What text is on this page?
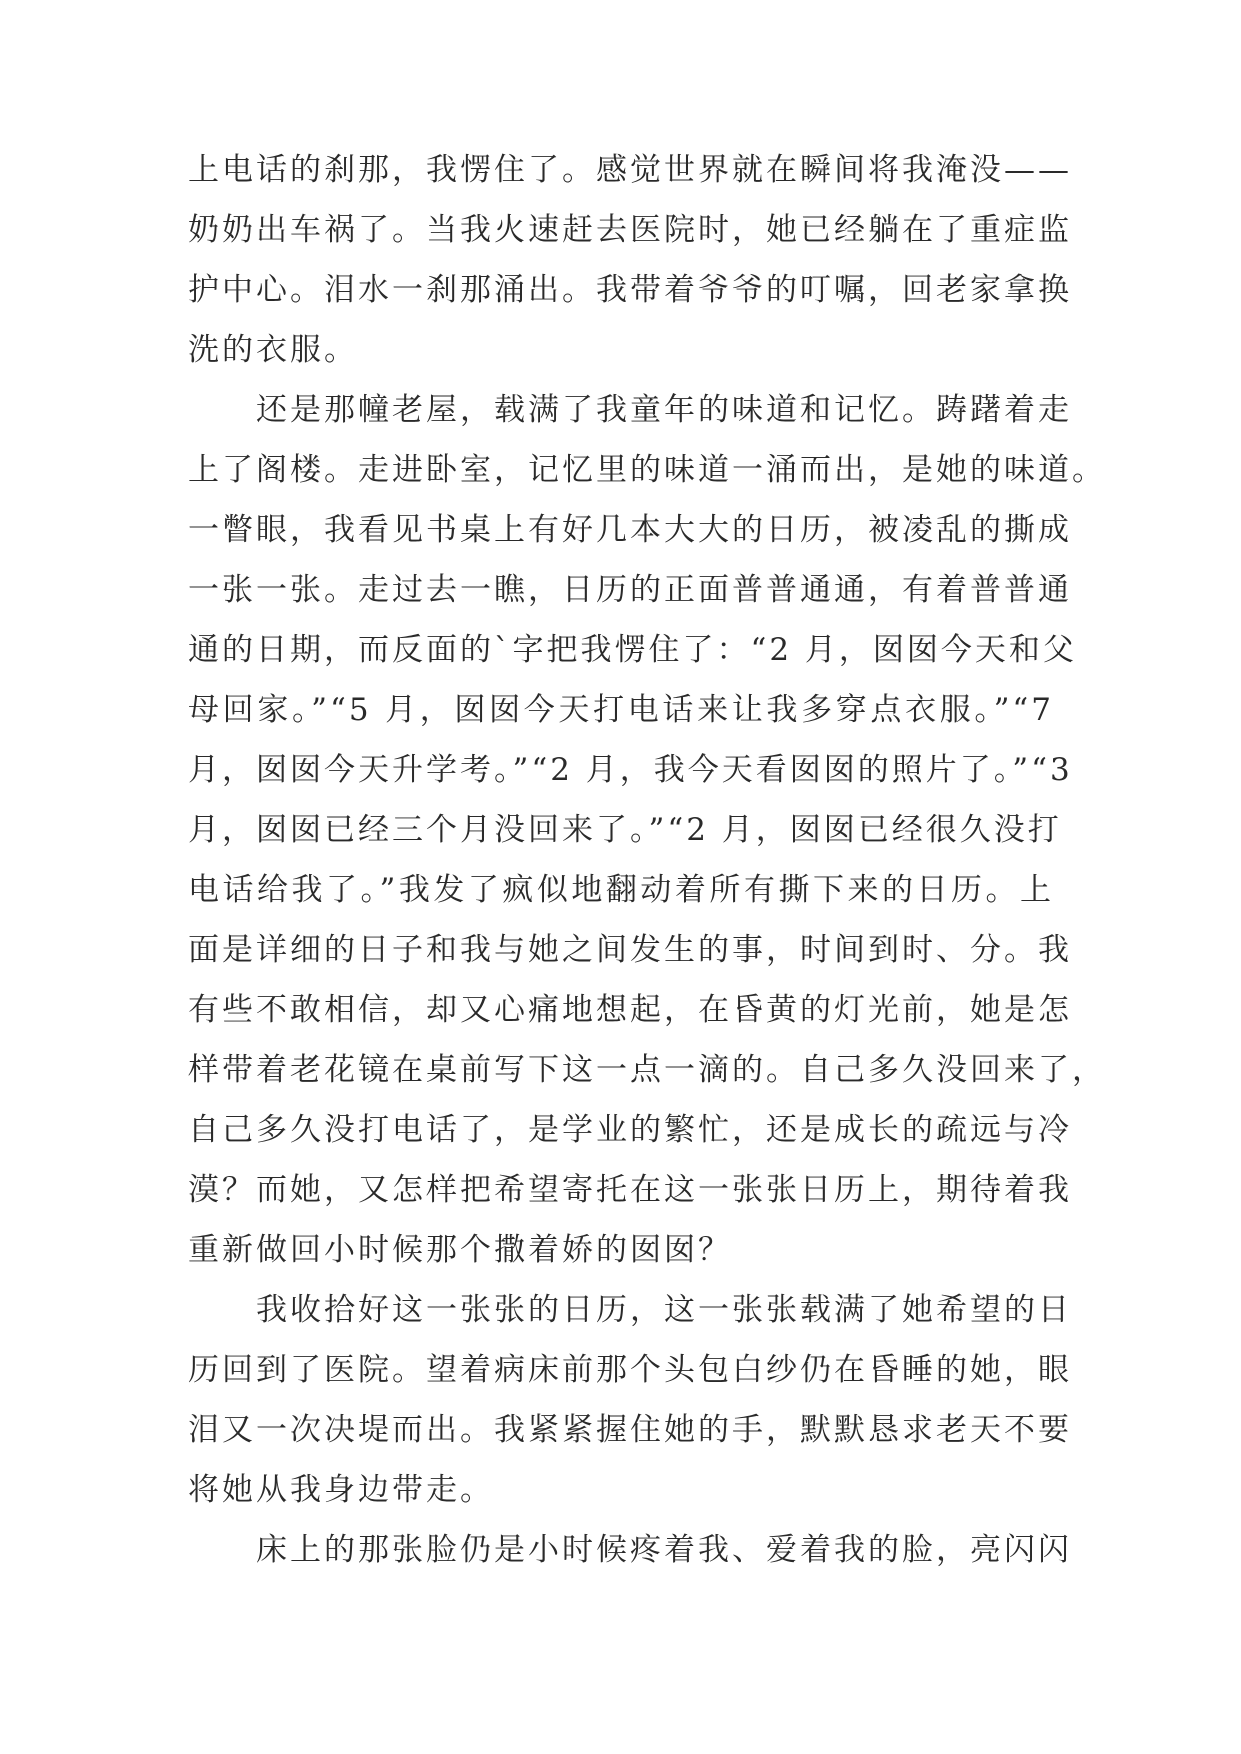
上电话的刹那，我愣住了。感觉世界就在瞬间将我淹没——
奶奶出车祸了。当我火速赶去医院时，她已经躺在了重症监
护中心。泪水一刹那涌出。我带着爷爷的叮嘱，回老家拿换
洗的衣服。
还是那幢老屋，载满了我童年的味道和记忆。踌躇着走
上了阁楼。走进卧室，记忆里的味道一涌而出，是她的味道。
一瞥眼，我看见书桌上有好几本大大的日历，被凌乱的撕成
一张一张。走过去一瞧，日历的正面普普通通，有着普普通
通的日期，而反面的`字把我愣住了：“2 月，囡囡今天和父
母回家。”“5 月，囡囡今天打电话来让我多穿点衣服。”“7
月，囡囡今天升学考。”“2 月，我今天看囡囡的照片了。”“3
月，囡囡已经三个月没回来了。”“2 月，囡囡已经很久没打
电话给我了。”我发了疯似地翻动着所有撕下来的日历。上
面是详细的日子和我与她之间发生的事，时间到时、分。我
有些不敢相信，却又心痛地想起，在昏黄的灯光前，她是怎
样带着老花镜在桌前写下这一点一滴的。自己多久没回来了，
自己多久没打电话了，是学业的繁忙，还是成长的疏远与冷
漠？而她，又怎样把希望寄托在这一张张日历上，期待着我
重新做回小时候那个撒着娇的囡囡？
我收拾好这一张张的日历，这一张张载满了她希望的日
历回到了医院。望着病床前那个头包白纱仍在昏睡的她，眼
泪又一次决堤而出。我紧紧握住她的手，默默恳求老天不要
将她从我身边带走。
床上的那张脸仍是小时候疼着我、爱着我的脸，亮闪闪
